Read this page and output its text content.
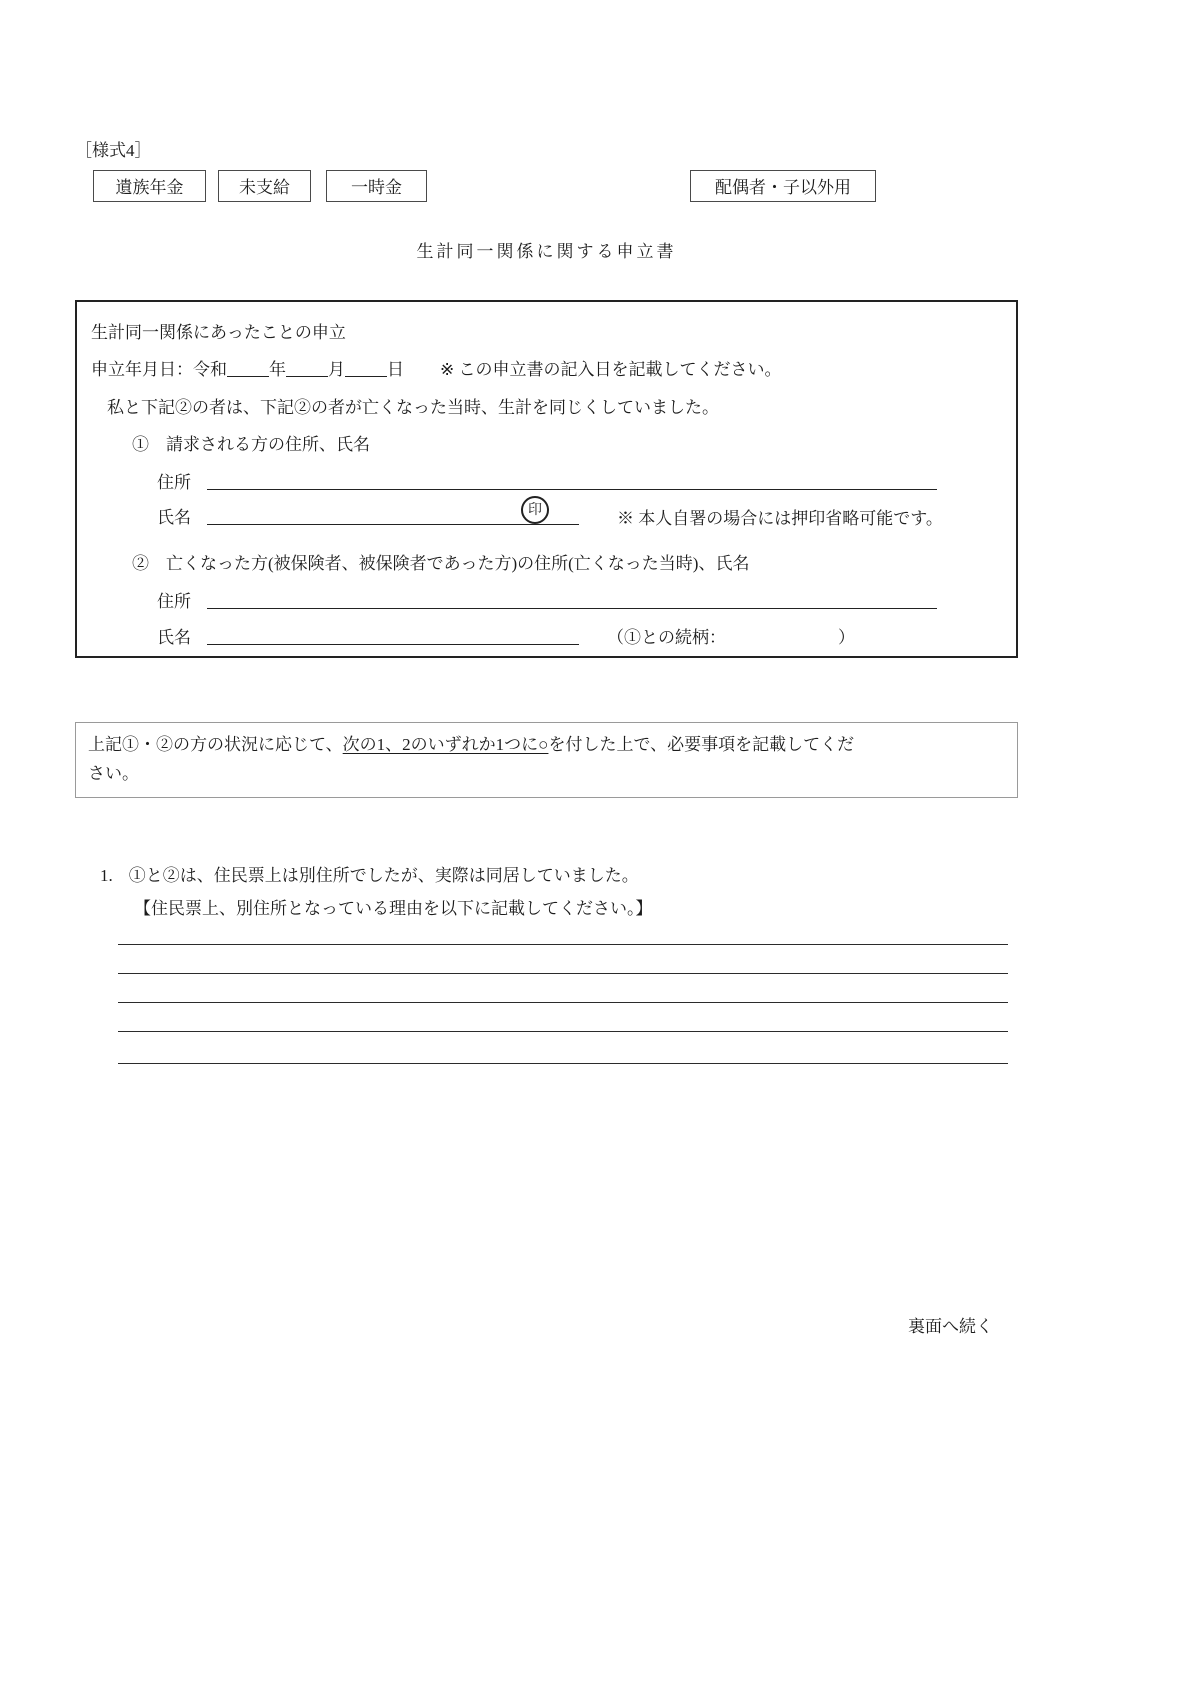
［様式4］
遺族年金	未支給	一時金	配偶者・子以外用
生計同一関係に関する申立書
生計同一関係にあったことの申立
申立年月日：令和 年 月 日 ※ この申立書の記入日を記載してください。
私と下記②の者は、下記②の者が亡くなった当時、生計を同じくしていました。
①　請求される方の住所、氏名
住所
氏名	印	※ 本人自署の場合には押印省略可能です。
②　亡くなった方(被保険者、被保険者であった方)の住所(亡くなった当時)、氏名
住所
氏名	（①との続柄：	）
上記①・②の方の状況に応じて、次の1、2のいずれか1つに○を付した上で、必要事項を記載してくだ
さい。
1. ①と②は、住民票上は別住所でしたが、実際は同居していました。
【住民票上、別住所となっている理由を以下に記載してください。】
裏面へ続く
